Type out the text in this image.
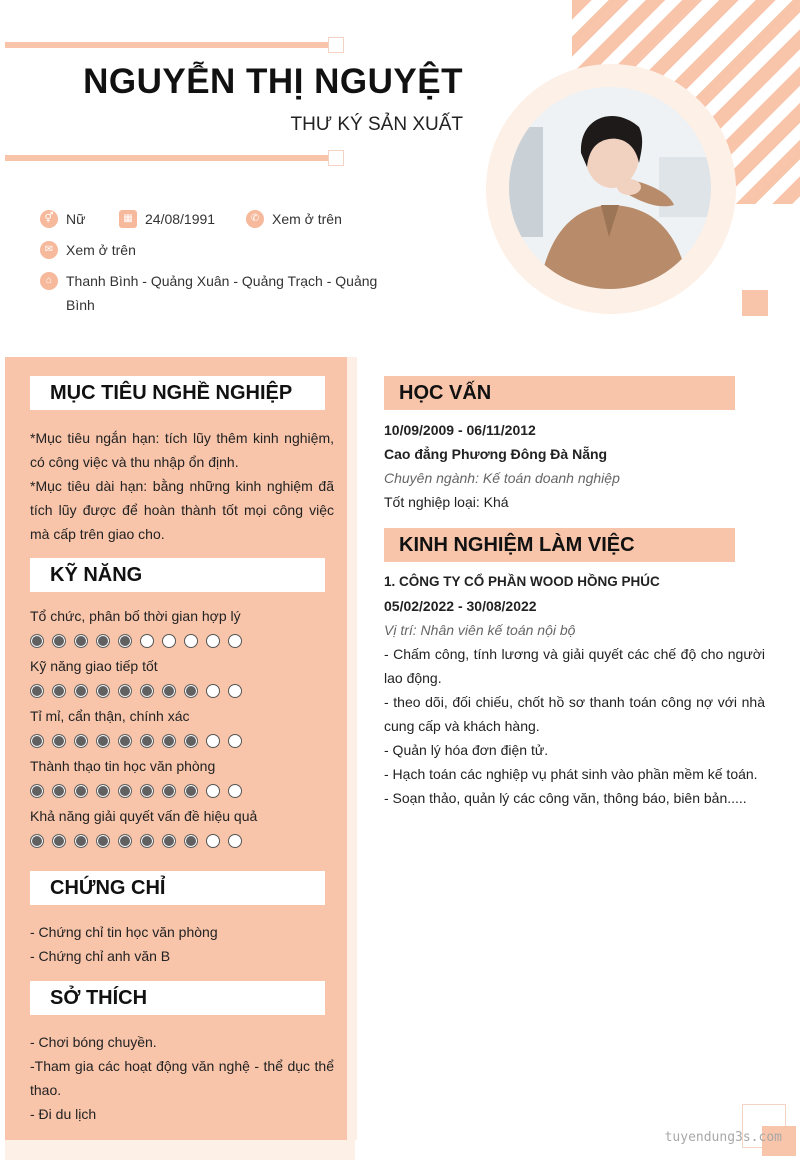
NGUYỄN THỊ NGUYỆT
THƯ KÝ SẢN XUẤT
⚥ Nữ	▦ 24/08/1991	✆ Xem ở trên
✉ Xem ở trên
⌂ Thanh Bình - Quảng Xuân - Quảng Trạch - Quảng Bình
MỤC TIÊU NGHỀ NGHIỆP
*Mục tiêu ngắn hạn: tích lũy thêm kinh nghiệm, có công việc và thu nhập ổn định.
*Mục tiêu dài hạn: bằng những kinh nghiệm đã tích lũy được để hoàn thành tốt mọi công việc mà cấp trên giao cho.
KỸ NĂNG
Tổ chức, phân bố thời gian hợp lý
Kỹ năng giao tiếp tốt
Tỉ mỉ, cẩn thận, chính xác
Thành thạo tin học văn phòng
Khả năng giải quyết vấn đề hiệu quả
CHỨNG CHỈ
- Chứng chỉ tin học văn phòng
- Chứng chỉ anh văn B
SỞ THÍCH
- Chơi bóng chuyền.
-Tham gia các hoạt động văn nghệ - thể dục thể thao.
- Đi du lịch
HỌC VẤN
10/09/2009 - 06/11/2012
Cao đẳng Phương Đông Đà Nẵng
Chuyên ngành: Kế toán doanh nghiệp
Tốt nghiệp loại: Khá
KINH NGHIỆM LÀM VIỆC
1. CÔNG TY CỔ PHẦN WOOD HỒNG PHÚC
05/02/2022 - 30/08/2022
Vị trí: Nhân viên kế toán nội bộ
- Chấm công, tính lương và giải quyết các chế độ cho người lao động.
- theo dõi, đối chiếu, chốt hồ sơ thanh toán công nợ với nhà cung cấp và khách hàng.
- Quản lý hóa đơn điện tử.
- Hạch toán các nghiệp vụ phát sinh vào phần mềm kế toán.
- Soạn thảo, quản lý các công văn, thông báo, biên bản.....
tuyendung3s.com
